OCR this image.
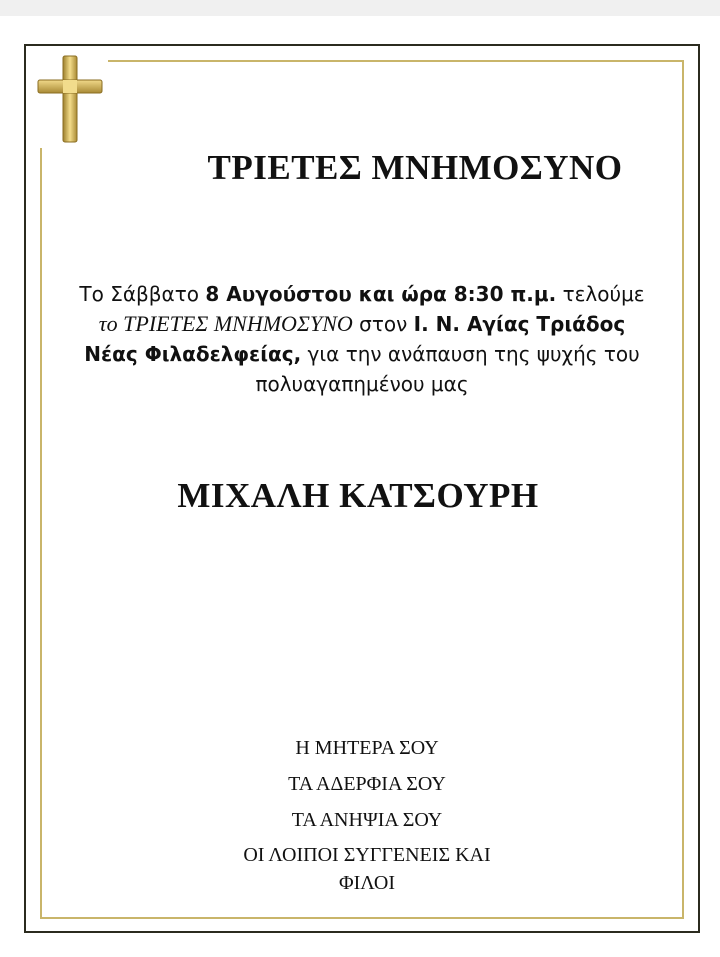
ΤΡΙΕΤΕΣ ΜΝΗΜΟΣΥΝΟ
Το Σάββατο 8 Αυγούστου και ώρα 8:30 π.μ. τελούμε
το ΤΡΙΕΤΕΣ ΜΝΗΜΟΣΥΝΟ στον Ι. Ν. Αγίας Τριάδος
Νέας Φιλαδελφείας, για την ανάπαυση της ψυχής του
πολυαγαπημένου μας
ΜΙΧΑΛΗ ΚΑΤΣΟΥΡΗ
Η ΜΗΤΕΡΑ ΣΟΥ
ΤΑ ΑΔΕΡΦΙΑ ΣΟΥ
ΤΑ ΑΝΗΨΙΑ ΣΟΥ
ΟΙ ΛΟΙΠΟΙ ΣΥΓΓΕΝΕΙΣ ΚΑΙ
ΦΙΛΟΙ
